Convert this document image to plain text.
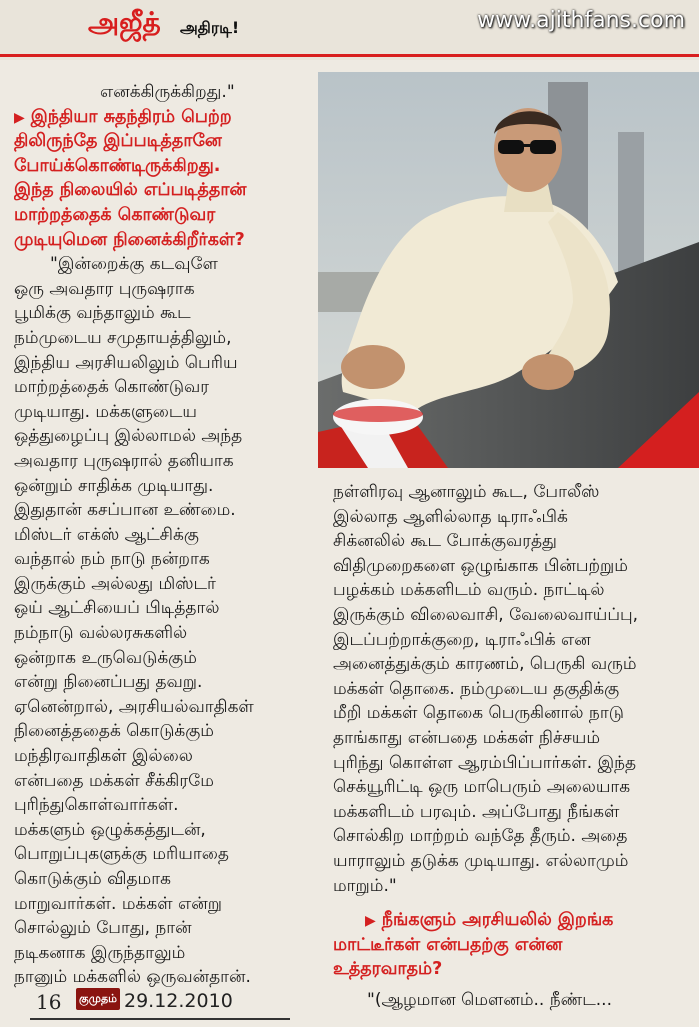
அஜீத் அதிரடி!	www.ajithfans.com
எனக்கிருக்கிறது."
▶ இந்தியா சுதந்திரம் பெற்ற
திலிருந்தே இப்படித்தானே
போய்க்கொண்டிருக்கிறது.
இந்த நிலையில் எப்படித்தான்
மாற்றத்தைக் கொண்டுவர
முடியுமென நினைக்கிறீர்கள்?
"இன்றைக்கு கடவுளே
ஒரு அவதார புருஷராக
பூமிக்கு வந்தாலும் கூட
நம்முடைய சமுதாயத்திலும்,
இந்திய அரசியலிலும் பெரிய
மாற்றத்தைக் கொண்டுவர
முடியாது. மக்களுடைய
ஒத்துழைப்பு இல்லாமல் அந்த
அவதார புருஷரால் தனியாக
ஒன்றும் சாதிக்க முடியாது.
இதுதான் கசப்பான உண்மை.
மிஸ்டர் எக்ஸ் ஆட்சிக்கு
வந்தால் நம் நாடு நன்றாக
இருக்கும் அல்லது மிஸ்டர்
ஒய் ஆட்சியைப் பிடித்தால்
நம்நாடு வல்லரசுகளில்
ஒன்றாக உருவெடுக்கும்
என்று நினைப்பது தவறு.
ஏனென்றால், அரசியல்வாதிகள்
நினைத்ததைக் கொடுக்கும்
மந்திரவாதிகள் இல்லை
என்பதை மக்கள் சீக்கிரமே
புரிந்துகொள்வார்கள்.
மக்களும் ஒழுக்கத்துடன்,
பொறுப்புகளுக்கு மரியாதை
கொடுக்கும் விதமாக
மாறுவார்கள். மக்கள் என்று
சொல்லும் போது, நான்
நடிகனாக இருந்தாலும்
நானும் மக்களில் ஒருவன்தான்.
நள்ளிரவு ஆனாலும் கூட, போலீஸ்
இல்லாத ஆளில்லாத டிராஃபிக்
சிக்னலில் கூட போக்குவரத்து
விதிமுறைகளை ஒழுங்காக பின்பற்றும்
பழக்கம் மக்களிடம் வரும். நாட்டில்
இருக்கும் விலைவாசி, வேலைவாய்ப்பு,
இடப்பற்றாக்குறை, டிராஃபிக் என
அனைத்துக்கும் காரணம், பெருகி வரும்
மக்கள் தொகை. நம்முடைய தகுதிக்கு
மீறி மக்கள் தொகை பெருகினால் நாடு
தாங்காது என்பதை மக்கள் நிச்சயம்
புரிந்து கொள்ள ஆரம்பிப்பார்கள். இந்த
செக்யூரிட்டி ஒரு மாபெரும் அலையாக
மக்களிடம் பரவும். அப்போது நீங்கள்
சொல்கிற மாற்றம் வந்தே தீரும். அதை
யாராலும் தடுக்க முடியாது. எல்லாமும்
மாறும்."
▶ நீங்களும் அரசியலில் இறங்க
மாட்டீர்கள் என்பதற்கு என்ன
உத்தரவாதம்?
"(ஆழமான மௌனம்.. நீண்ட...
16 குமுதம் 29.12.2010
